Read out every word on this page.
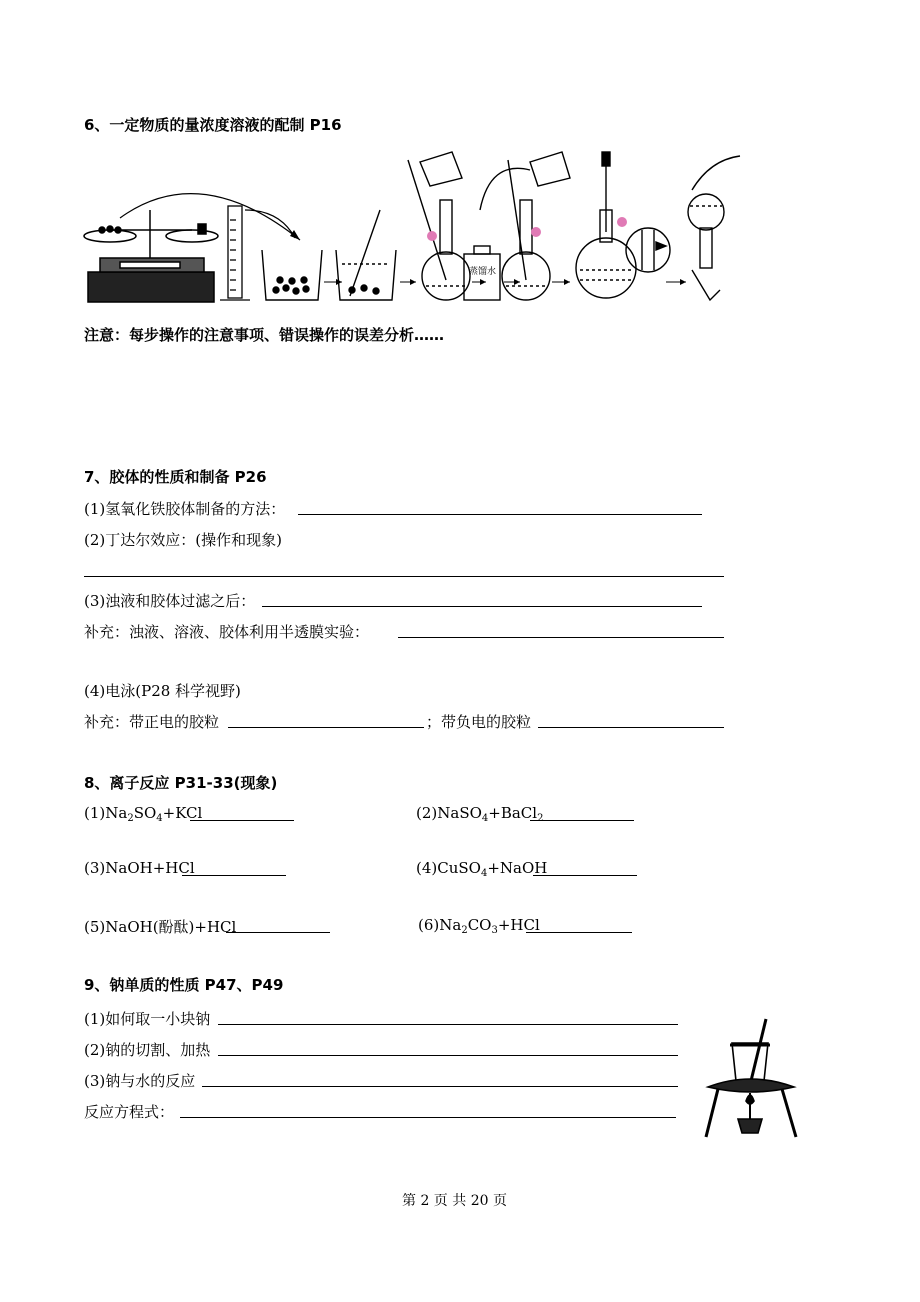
6、一定物质的量浓度溶液的配制 P16
蒸馏水
注意：每步操作的注意事项、错误操作的误差分析……
7、胶体的性质和制备 P26
(1)氢氧化铁胶体制备的方法：
(2)丁达尔效应：(操作和现象)
(3)浊液和胶体过滤之后：
补充：浊液、溶液、胶体利用半透膜实验：
(4)电泳(P28 科学视野)
补充：带正电的胶粒	；带负电的胶粒
8、离子反应 P31-33(现象)
$(1)Na_2SO_4+KCl$	(2)NaSO$_4$+BaCl$_2$
(3)NaOH+HCl	(4)CuSO$_4$+NaOH
(5)NaOH(酚酞)+HCl	$(6)Na_2CO_3+HCl$
9、钠单质的性质 P47、P49
(1)如何取一小块钠
(2)钠的切割、加热
(3)钠与水的反应
反应方程式：
第 2 页 共 20 页
